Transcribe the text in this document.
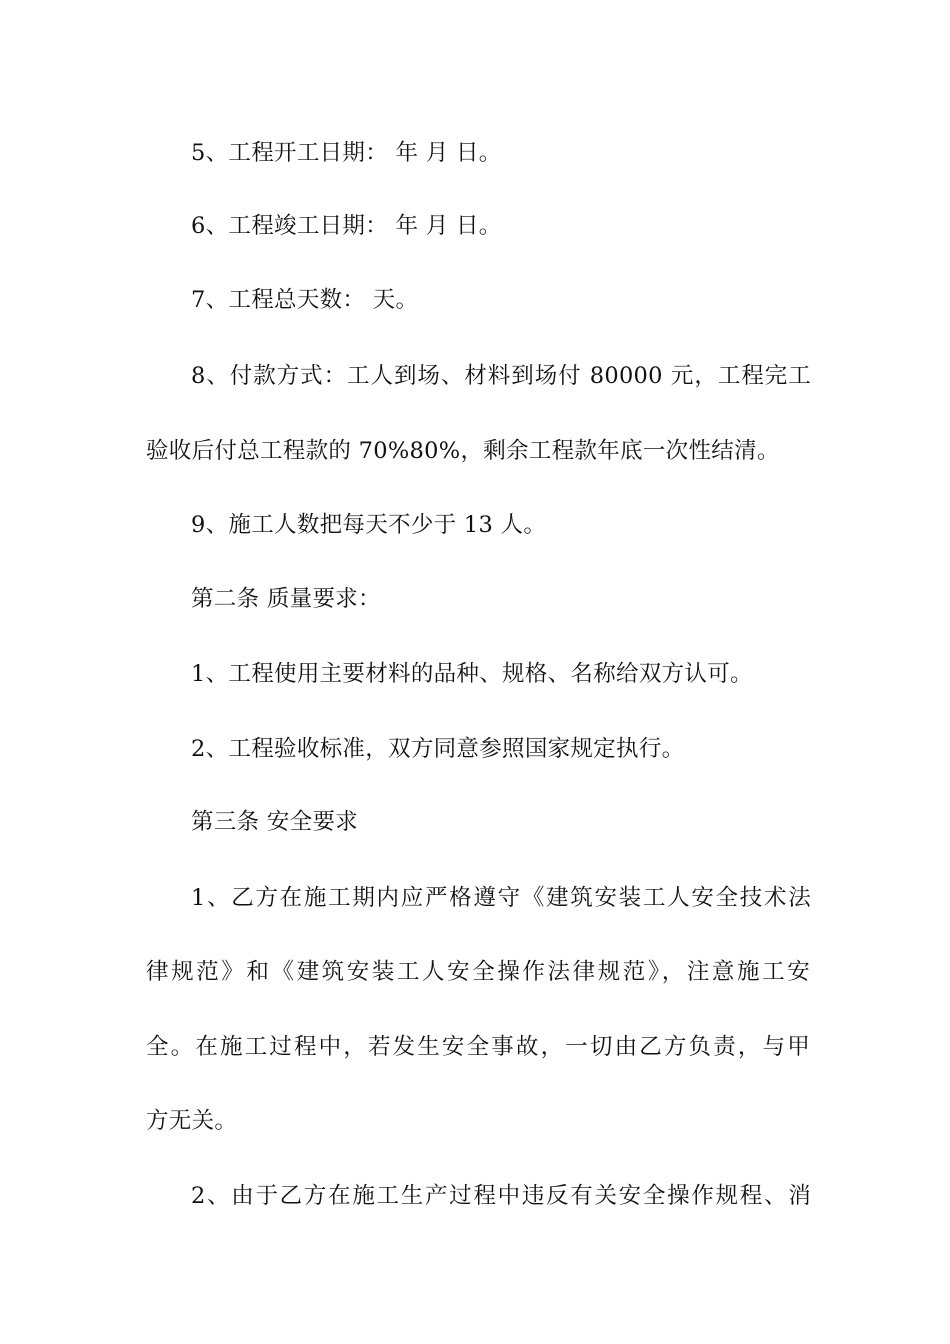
5、工程开工日期： 年 月 日。
6、工程竣工日期： 年 月 日。
7、工程总天数： 天。
8、付款方式：工人到场、材料到场付 80000 元，工程完工
验收后付总工程款的 70%80%，剩余工程款年底一次性结清。
9、施工人数把每天不少于 13 人。
第二条 质量要求：
1、工程使用主要材料的品种、规格、名称给双方认可。
2、工程验收标准，双方同意参照国家规定执行。
第三条 安全要求
1、乙方在施工期内应严格遵守《建筑安装工人安全技术法
律规范》和《建筑安装工人安全操作法律规范》，注意施工安
全。在施工过程中，若发生安全事故，一切由乙方负责，与甲
方无关。
2、由于乙方在施工生产过程中违反有关安全操作规程、消
